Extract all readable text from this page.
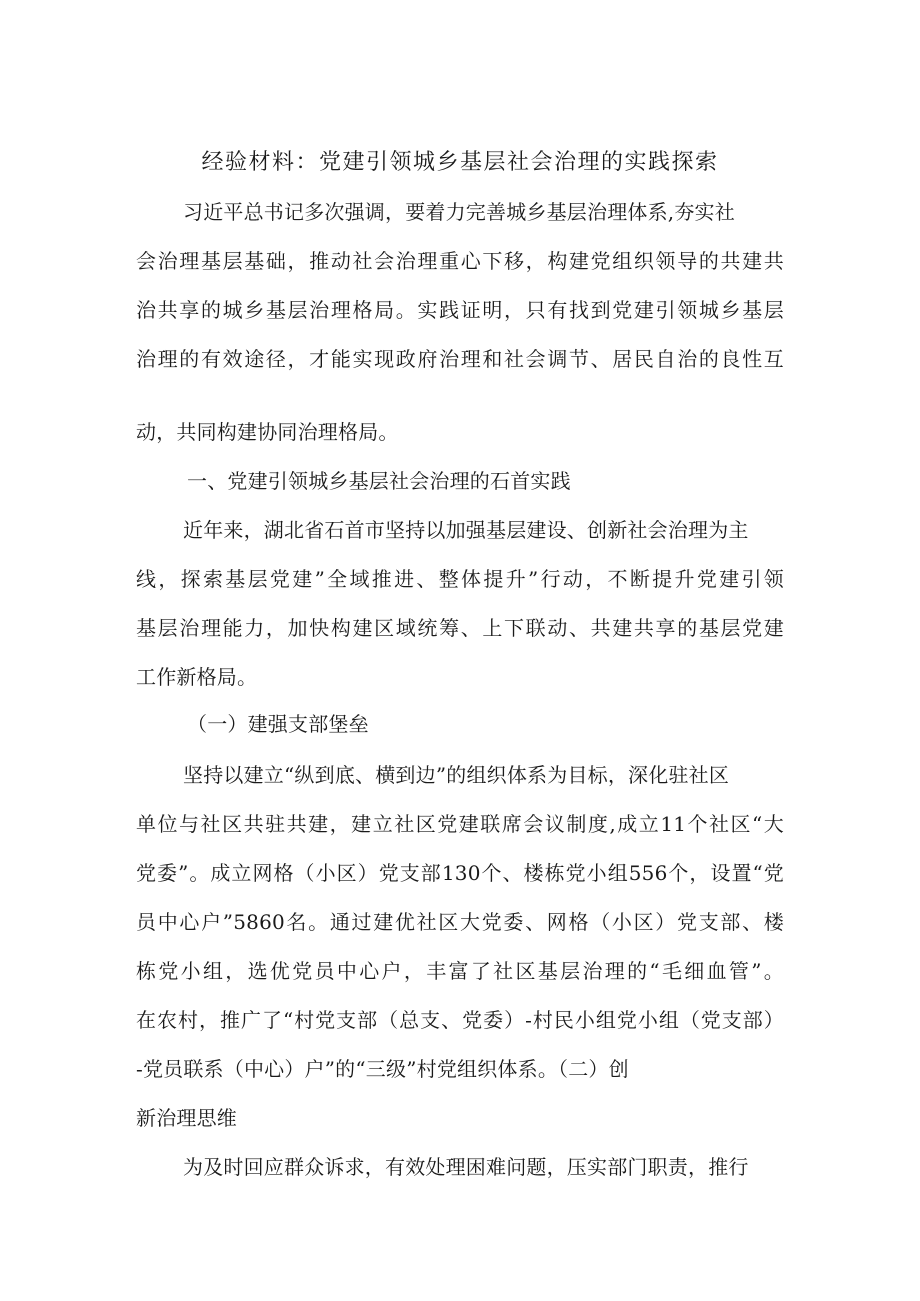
经验材料：党建引领城乡基层社会治理的实践探索
习近平总书记多次强调，要着力完善城乡基层治理体系,夯实社
会治理基层基础，推动社会治理重心下移，构建党组织领导的共建共
治共享的城乡基层治理格局。实践证明，只有找到党建引领城乡基层
治理的有效途径，才能实现政府治理和社会调节、居民自治的良性互
动，共同构建协同治理格局。
一、党建引领城乡基层社会治理的石首实践
近年来，湖北省石首市坚持以加强基层建设、创新社会治理为主
线，探索基层党建”全域推进、整体提升”行动，不断提升党建引领
基层治理能力，加快构建区域统筹、上下联动、共建共享的基层党建
工作新格局。
（一）建强支部堡垒
坚持以建立“纵到底、横到边”的组织体系为目标，深化驻社区
单位与社区共驻共建，建立社区党建联席会议制度,成立11个社区“大
党委”。成立网格（小区）党支部130个、楼栋党小组556个，设置“党
员中心户”5860名。通过建优社区大党委、网格（小区）党支部、楼
栋党小组，选优党员中心户，丰富了社区基层治理的“毛细血管”。
在农村，推广了“村党支部（总支、党委）-村民小组党小组（党支部）
-党员联系（中心）户”的“三级”村党组织体系。（二）创
新治理思维
为及时回应群众诉求，有效处理困难问题，压实部门职责，推行
